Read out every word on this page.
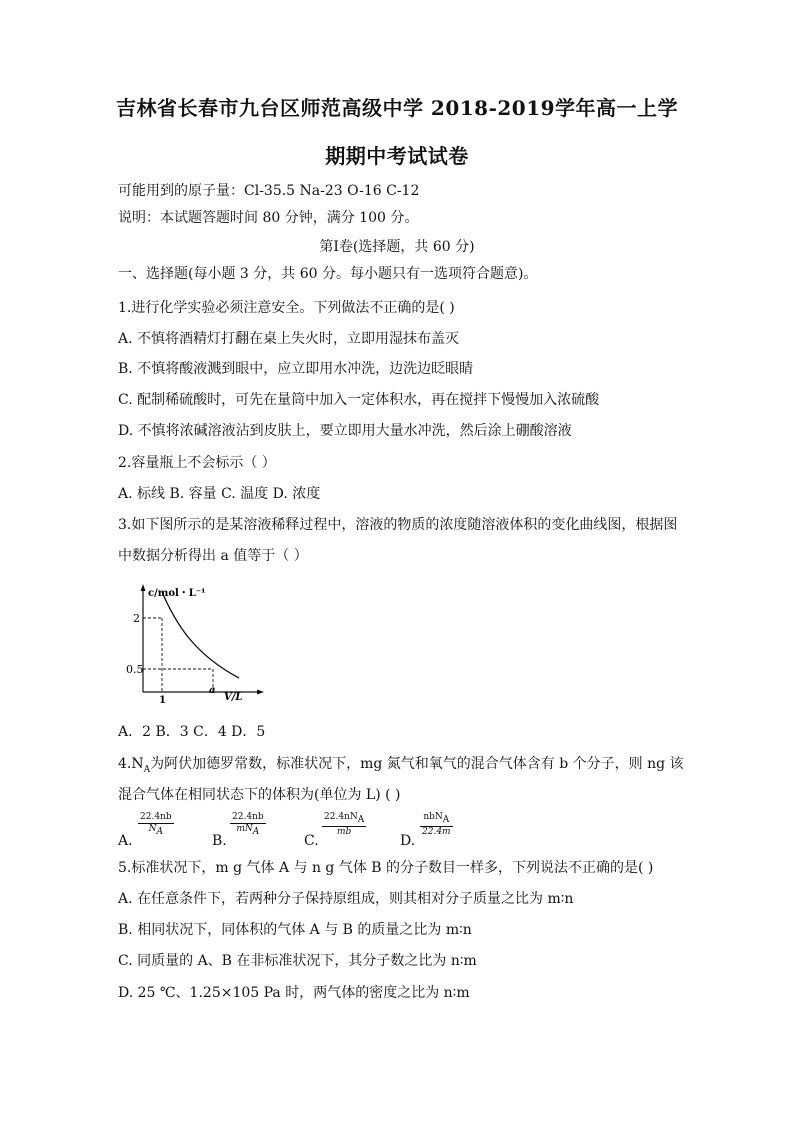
吉林省长春市九台区师范高级中学 2018-2019学年高一上学
期期中考试试卷
可能用到的原子量：Cl-35.5 Na-23 O-16 C-12
说明：本试题答题时间 80 分钟，满分 100 分。
第Ⅰ卷(选择题，共 60 分)
一、选择题(每小题 3 分，共 60 分。每小题只有一选项符合题意)。
1.进行化学实验必须注意安全。下列做法不正确的是( )
A. 不慎将酒精灯打翻在桌上失火时，立即用湿抹布盖灭
B. 不慎将酸液溅到眼中，应立即用水冲洗，边洗边眨眼睛
C. 配制稀硫酸时，可先在量筒中加入一定体积水，再在搅拌下慢慢加入浓硫酸
D. 不慎将浓碱溶液沾到皮肤上，要立即用大量水冲洗，然后涂上硼酸溶液
2.容量瓶上不会标示（ ）
A. 标线 B. 容量 C. 温度 D. 浓度
3.如下图所示的是某溶液稀释过程中，溶液的物质的浓度随溶液体积的变化曲线图，根据图
中数据分析得出 a 值等于（ ）
c/mol・L⁻¹
2
0.5
1
a
V/L
A．2 B．3 C．4 D．5
$4.N_A$为阿伏加德罗常数，标准状况下，mg 氮气和氧气的混合气体含有 b 个分子，则 ng 该
混合气体在相同状态下的体积为(单位为 L) ( )
A.
$\frac{22.4nb}{N_A}$
B.
22.4nb
$mN_A$
C.
$22.4nN_A$
mb
D.
nbN$_A$
22.4m
5.标准状况下，m g 气体 A 与 n g 气体 B 的分子数目一样多，下列说法不正确的是( )
A. 在任意条件下，若两种分子保持原组成，则其相对分子质量之比为 m∶n
B. 相同状况下，同体积的气体 A 与 B 的质量之比为 m∶n
C. 同质量的 A、B 在非标准状况下，其分子数之比为 n∶m
D. 25 ℃、1.25×105 Pa 时，两气体的密度之比为 n∶m
